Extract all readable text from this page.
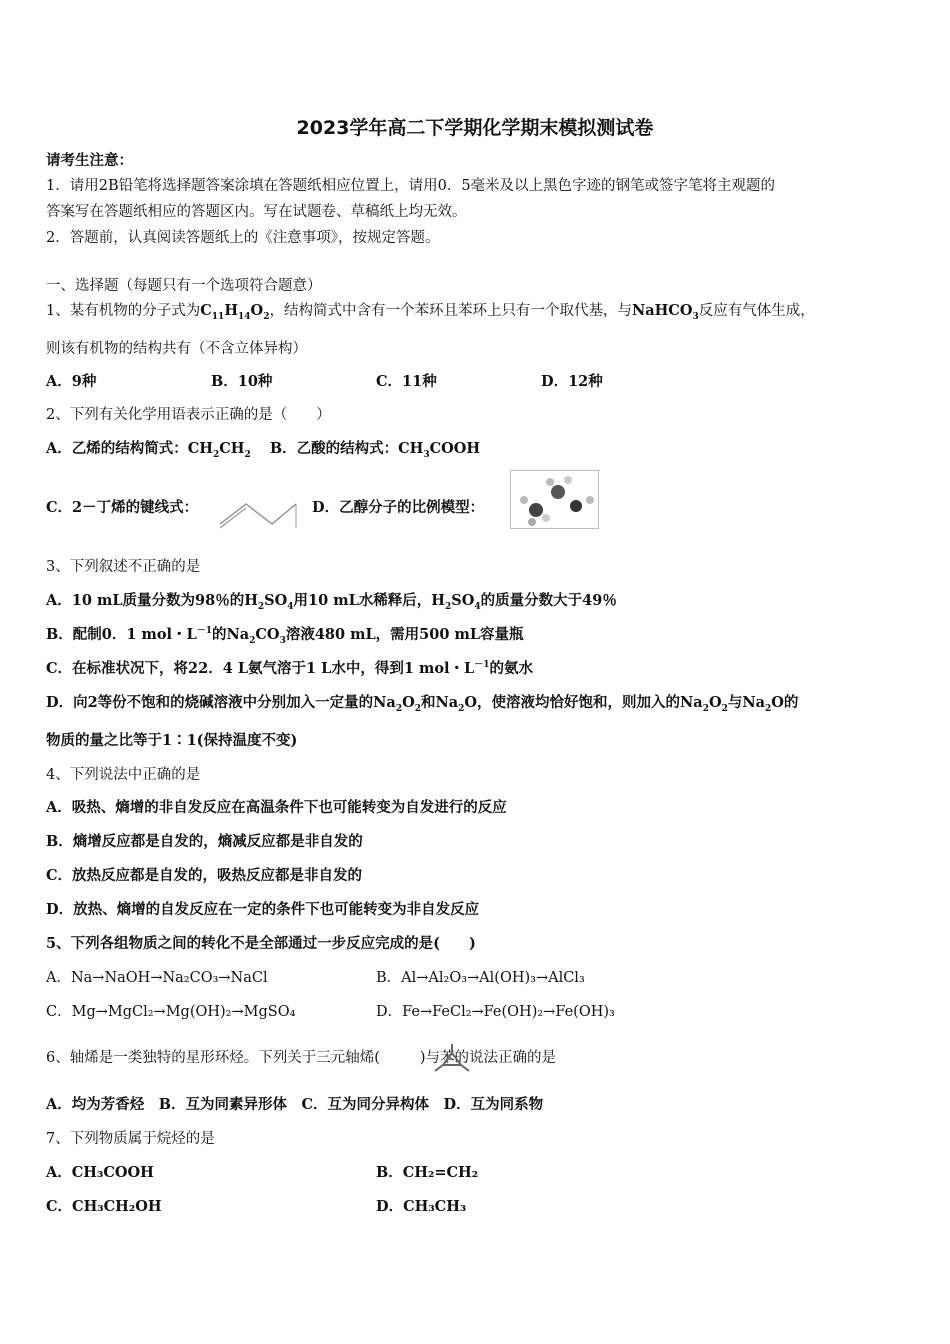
2023学年高二下学期化学期末模拟测试卷
请考生注意：
1．请用2B铅笔将选择题答案涂填在答题纸相应位置上，请用0．5毫米及以上黑色字迹的钢笔或签字笔将主观题的
答案写在答题纸相应的答题区内。写在试题卷、草稿纸上均无效。
2．答题前，认真阅读答题纸上的《注意事项》，按规定答题。
一、选择题（每题只有一个选项符合题意）
1、某有机物的分子式为$C_{11}H_{14}O_2$，结构简式中含有一个苯环且苯环上只有一个取代基，与NaHCO$_3$反应有气体生成，
则该有机物的结构共有（不含立体异构）
A．9种	B．10种	C．11种	D．12种
2、下列有关化学用语表示正确的是（　　）
A．乙烯的结构简式：$CH_2CH_2$ B．乙酸的结构式：$CH_3COOH$
C．2－丁烯的键线式：	D．乙醇分子的比例模型：
3、下列叙述不正确的是
A．10 mL质量分数为98％的$H_2SO_4$用10 mL水稀释后，$H_2SO_4$的质量分数大于49％
B．配制0．1 mol・$L^{-1}$的$Na_2CO_3$溶液480 mL，需用500 mL容量瓶
C．在标准状况下，将22．4 L氨气溶于1 L水中，得到1 mol・$L^{-1}$的氨水
D．向2等份不饱和的烧碱溶液中分别加入一定量的$Na_2O_2$和$Na_2O$，使溶液均恰好饱和，则加入的$Na_2O_2$与$Na_2O$的
物质的量之比等于1∶1(保持温度不变)
4、下列说法中正确的是
A．吸热、熵增的非自发反应在高温条件下也可能转变为自发进行的反应
B．熵增反应都是自发的，熵减反应都是非自发的
C．放热反应都是自发的，吸热反应都是非自发的
D．放热、熵增的自发反应在一定的条件下也可能转变为非自发反应
5、下列各组物质之间的转化不是全部通过一步反应完成的是(　　)
A．Na→NaOH→Na₂CO₃→NaCl	B．Al→Al₂O₃→Al(OH)₃→AlCl₃
C．Mg→MgCl₂→Mg(OH)₂→MgSO₄	D．Fe→FeCl₂→Fe(OH)₂→Fe(OH)₃
6、轴烯是一类独特的星形环烃。下列关于三元轴烯(	)与苯的说法正确的是
A．均为芳香烃　B．互为同素异形体　C．互为同分异构体　D．互为同系物
7、下列物质属于烷烃的是
A．CH₃COOH	B．CH₂=CH₂
C．CH₃CH₂OH	D．CH₃CH₃
